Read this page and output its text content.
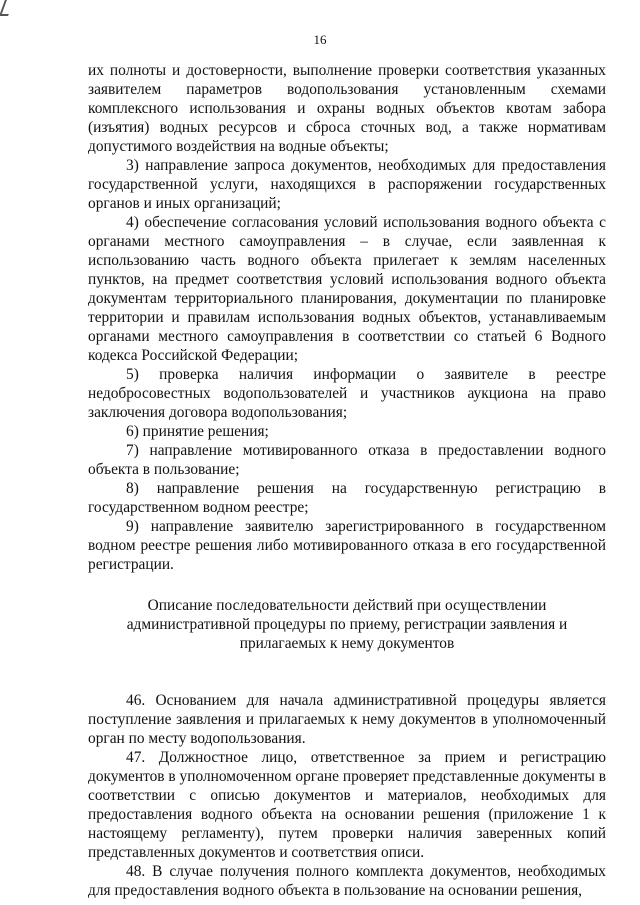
16

их полноты и достоверности, выполнение проверки соответствия указанных заявителем параметров водопользования установленным схемами комплексного использования и охраны водных объектов квотам забора (изъятия) водных ресурсов и сброса сточных вод, а также нормативам допустимого воздействия на водные объекты;

3) направление запроса документов, необходимых для предоставления государственной услуги, находящихся в распоряжении государственных органов и иных организаций;

4) обеспечение согласования условий использования водного объекта с органами местного самоуправления – в случае, если заявленная к использованию часть водного объекта прилегает к землям населенных пунктов, на предмет соответствия условий использования водного объекта документам территориального планирования, документации по планировке территории и правилам использования водных объектов, устанавливаемым органами местного самоуправления в соответствии со статьей 6 Водного кодекса Российской Федерации;

5) проверка наличия информации о заявителе в реестре недобросовестных водопользователей и участников аукциона на право заключения договора водопользования;

6) принятие решения;

7) направление мотивированного отказа в предоставлении водного объекта в пользование;

8) направление решения на государственную регистрацию в государственном водном реестре;

9) направление заявителю зарегистрированного в государственном водном реестре решения либо мотивированного отказа в его государственной регистрации.

Описание последовательности действий при осуществлении административной процедуры по приему, регистрации заявления и прилагаемых к нему документов

46. Основанием для начала административной процедуры является поступление заявления и прилагаемых к нему документов в уполномоченный орган по месту водопользования.

47. Должностное лицо, ответственное за прием и регистрацию документов в уполномоченном органе проверяет представленные документы в соответствии с описью документов и материалов, необходимых для предоставления водного объекта на основании решения (приложение 1 к настоящему регламенту), путем проверки наличия заверенных копий представленных документов и соответствия описи.

48. В случае получения полного комплекта документов, необходимых для предоставления водного объекта в пользование на основании решения,
